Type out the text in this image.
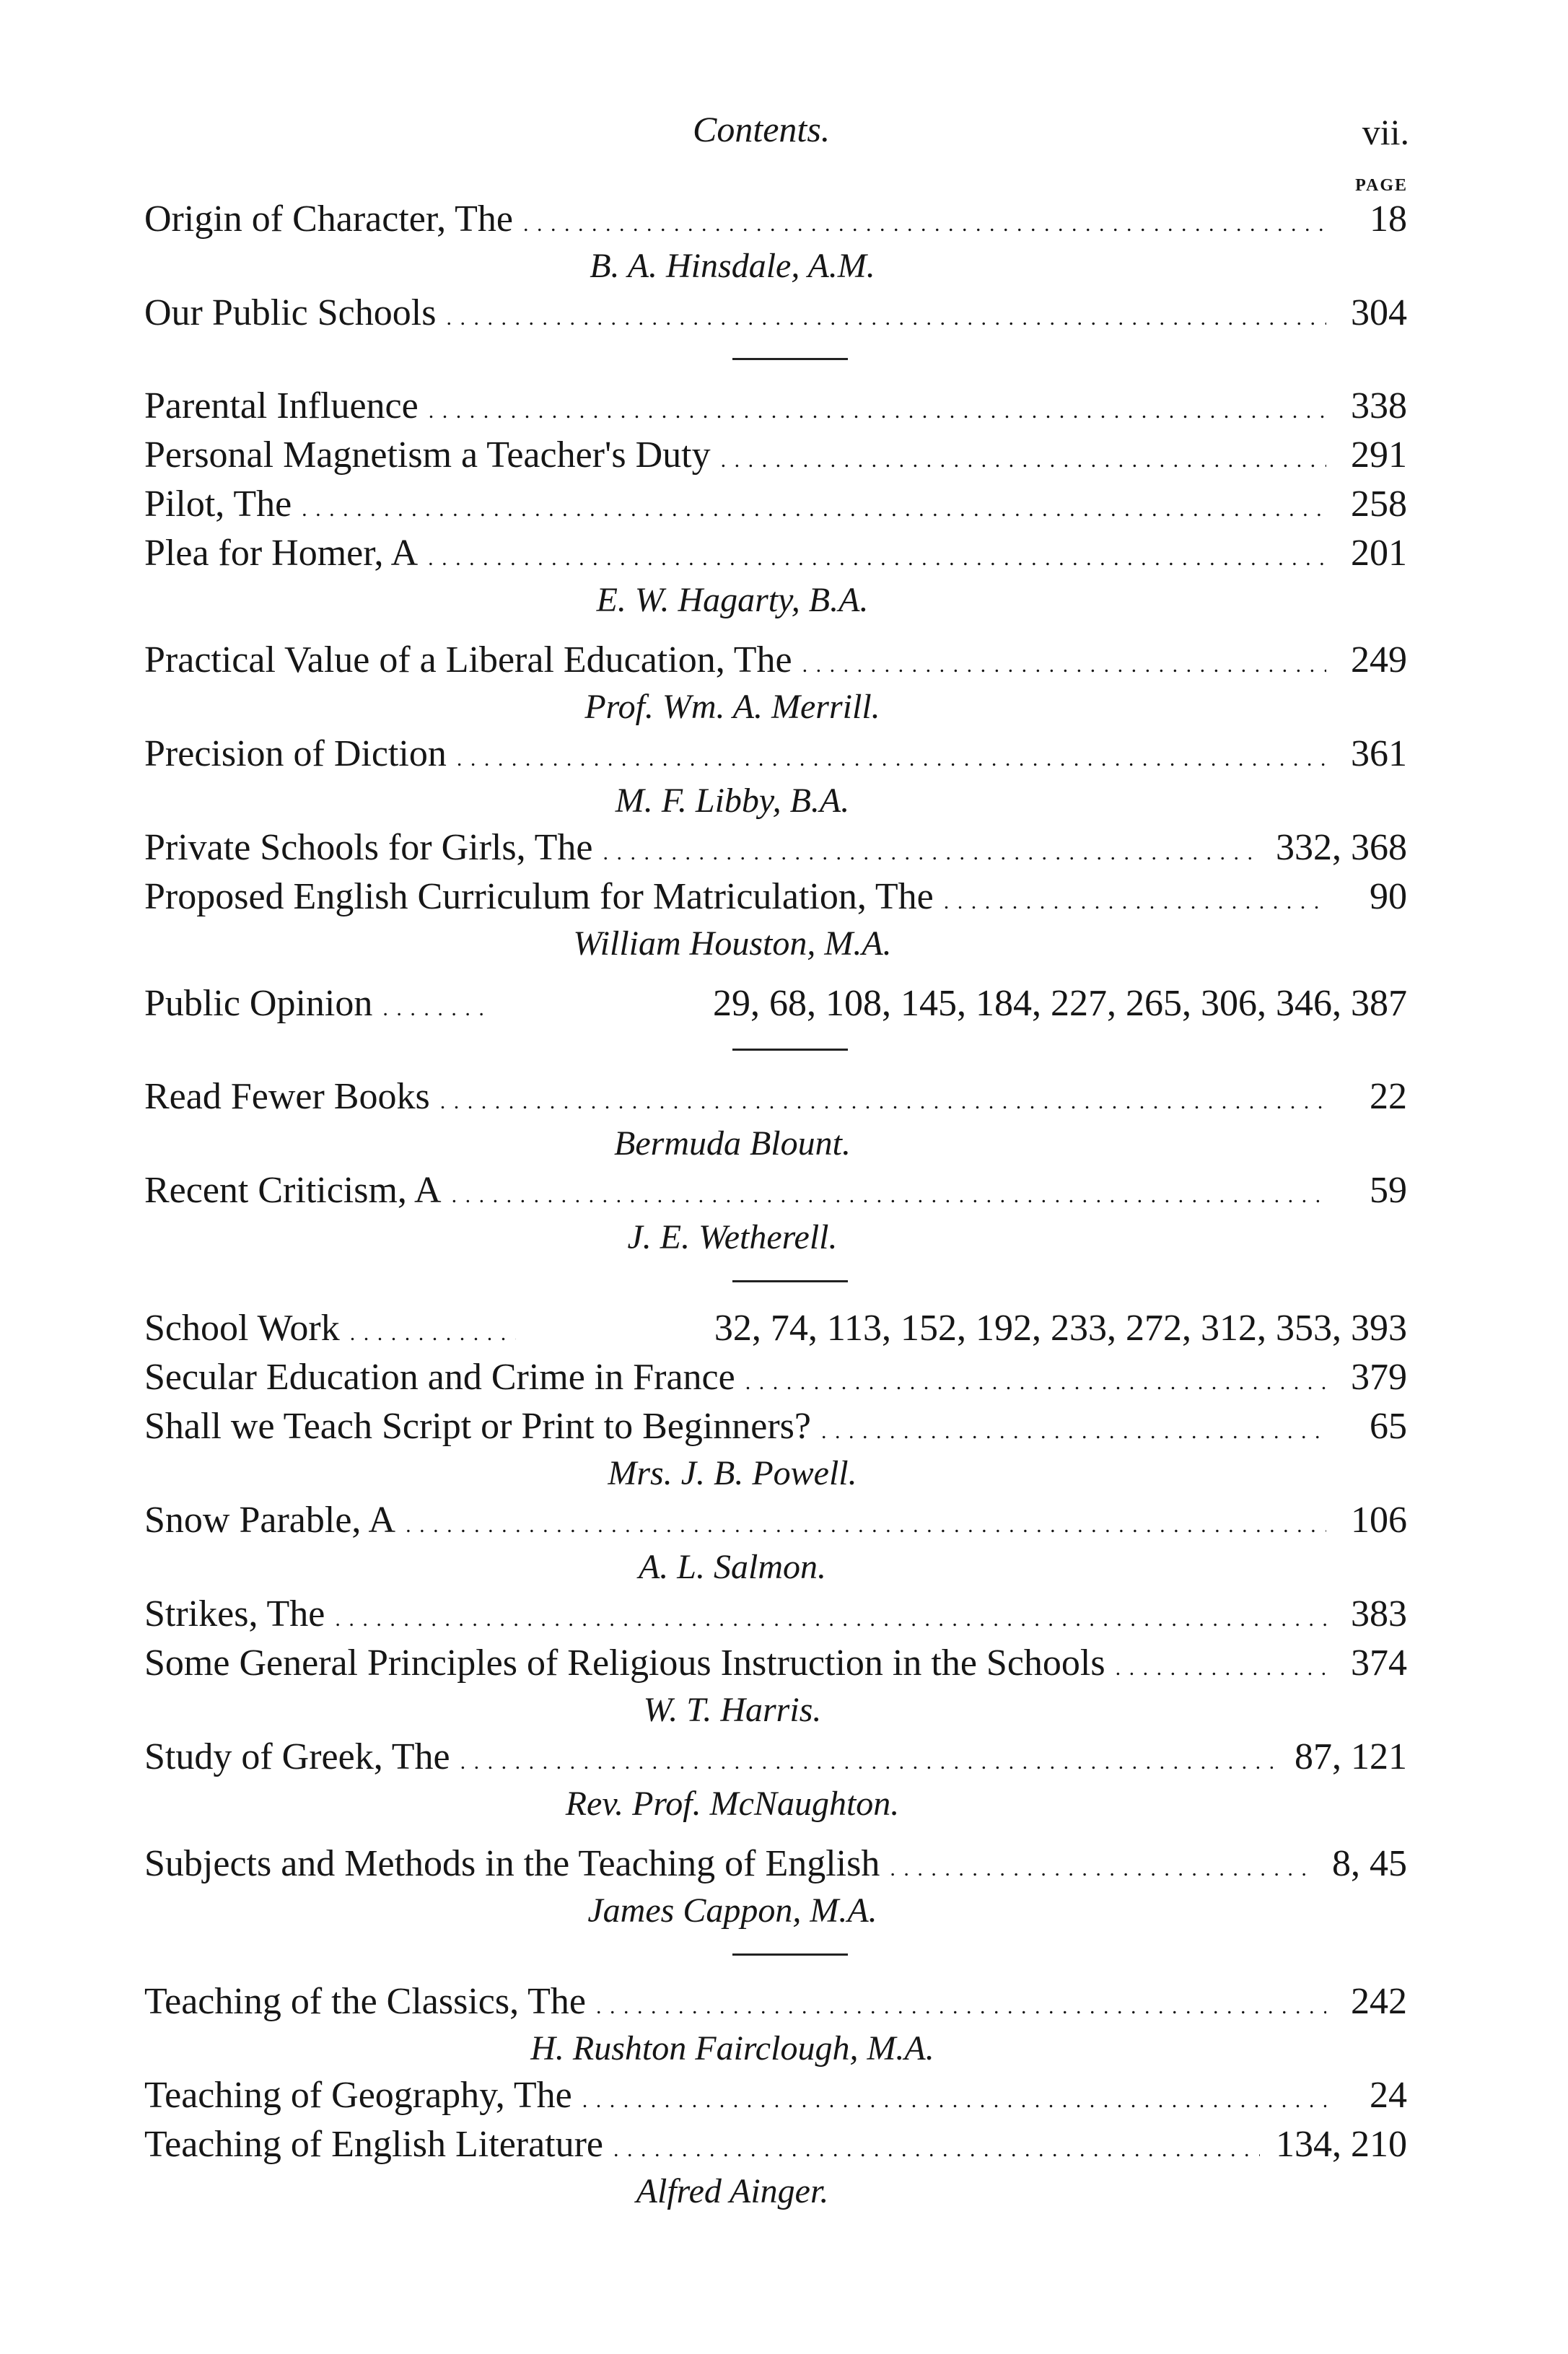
Contents.	vii.
PAGE
Origin of Character, The . . .	18
B. A. Hinsdale, A.M.
Our Public Schools . . .	304
Parental Influence . . .	338
Personal Magnetism a Teacher's Duty . . .	291
Pilot, The . . .	258
Plea for Homer, A . . .	201
E. W. Hagarty, B.A.
Practical Value of a Liberal Education, The . . .	249
Prof. Wm. A. Merrill.
Precision of Diction . . .	361
M. F. Libby, B.A.
Private Schools for Girls, The . . .	332, 368
Proposed English Curriculum for Matriculation, The . . .	90
William Houston, M.A.
Public Opinion . . .	29, 68, 108, 145, 184, 227, 265, 306, 346, 387
Read Fewer Books . . .	22
Bermuda Blount.
Recent Criticism, A . . .	59
J. E. Wetherell.
School Work . . .	32, 74, 113, 152, 192, 233, 272, 312, 353, 393
Secular Education and Crime in France . . .	379
Shall we Teach Script or Print to Beginners? . . .	65
Mrs. J. B. Powell.
Snow Parable, A . . .	106
A. L. Salmon.
Strikes, The . . .	383
Some General Principles of Religious Instruction in the Schools . . .	374
W. T. Harris.
Study of Greek, The . . .	87, 121
Rev. Prof. McNaughton.
Subjects and Methods in the Teaching of English . . .	8, 45
James Cappon, M.A.
Teaching of the Classics, The . . .	242
H. Rushton Fairclough, M.A.
Teaching of Geography, The . . .	24
Teaching of English Literature . . .	134, 210
Alfred Ainger.
